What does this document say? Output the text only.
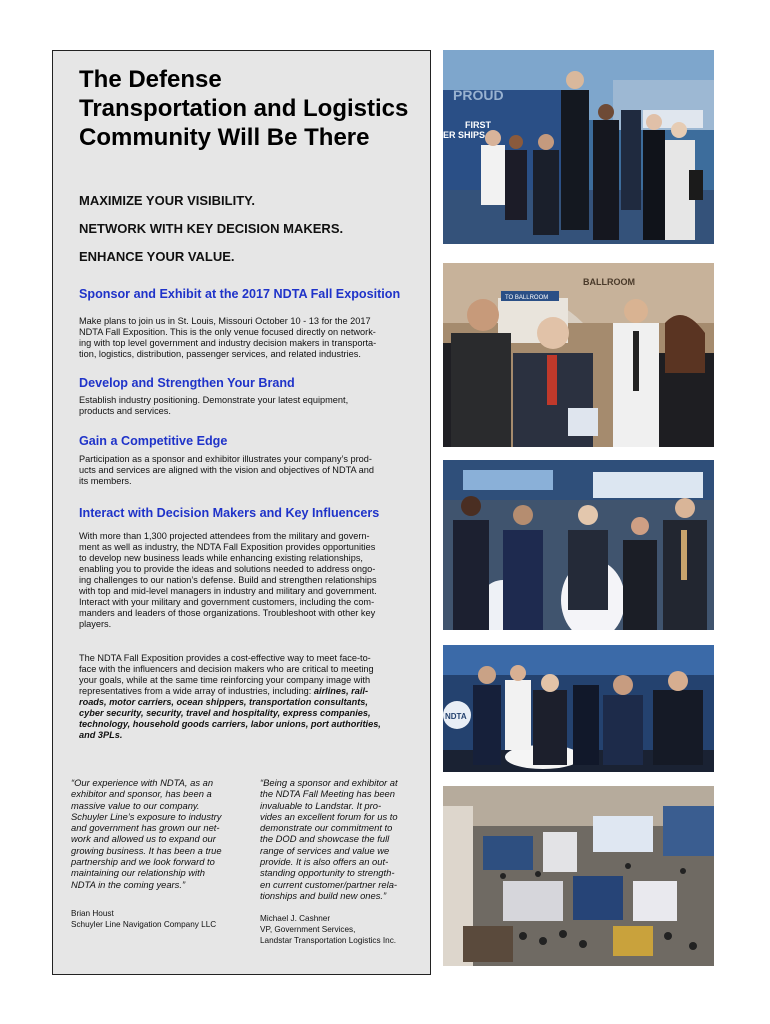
The Defense
Transportation and Logistics
Community Will Be There
MAXIMIZE YOUR VISIBILITY.
NETWORK WITH KEY DECISION MAKERS.
ENHANCE YOUR VALUE.
Sponsor and Exhibit at the 2017 NDTA Fall Exposition
Make plans to join us in St. Louis, Missouri October 10 - 13 for the 2017
NDTA Fall Exposition. This is the only venue focused directly on network-
ing with top level government and industry decision makers in transporta-
tion, logistics, distribution, passenger services, and related industries.
Develop and Strengthen Your Brand
Establish industry positioning. Demonstrate your latest equipment,
products and services.
Gain a Competitive Edge
Participation as a sponsor and exhibitor illustrates your company’s prod-
ucts and services are aligned with the vision and objectives of NDTA and
its members.
Interact with Decision Makers and Key Influencers
With more than 1,300 projected attendees from the military and govern-
ment as well as industry, the NDTA Fall Exposition provides opportunities
to develop new business leads while enhancing existing relationships,
enabling you to provide the ideas and solutions needed to address ongo-
ing challenges to our nation’s defense. Build and strengthen relationships
with top and mid-level managers in industry and military and government.
Interact with your military and government customers, including the com-
manders and leaders of those organizations. Troubleshoot with other key
players.
The NDTA Fall Exposition provides a cost-effective way to meet face-to-
face with the influencers and decision makers who are critical to meeting
your goals, while at the same time reinforcing your company image with
representatives from a wide array of industries, including: airlines, rail-
roads, motor carriers, ocean shippers, transportation consultants,
cyber security, security, travel and hospitality, express companies,
technology, household goods carriers, labor unions, port authorities,
and 3PLs.
“Our experience with NDTA, as an
exhibitor and sponsor, has been a
massive value to our company.
Schuyler Line’s exposure to industry
and government has grown our net-
work and allowed us to expand our
growing business. It has been a true
partnership and we look forward to
maintaining our relationship with
NDTA in the coming years.”
Brian Houst
Schuyler Line Navigation Company LLC
“Being a sponsor and exhibitor at
the NDTA Fall Meeting has been
invaluable to Landstar. It pro-
vides an excellent forum for us to
demonstrate our commitment to
the DOD and showcase the full
range of services and value we
provide. It is also offers an out-
standing opportunity to strength-
en current customer/partner rela-
tionships and build new ones.”
Michael J. Cashner
VP, Government Services,
Landstar Transportation Logistics Inc.
FIRST
ER SHIPS
PROUD
BALLROOM
TO BALLROOM
NDTA
